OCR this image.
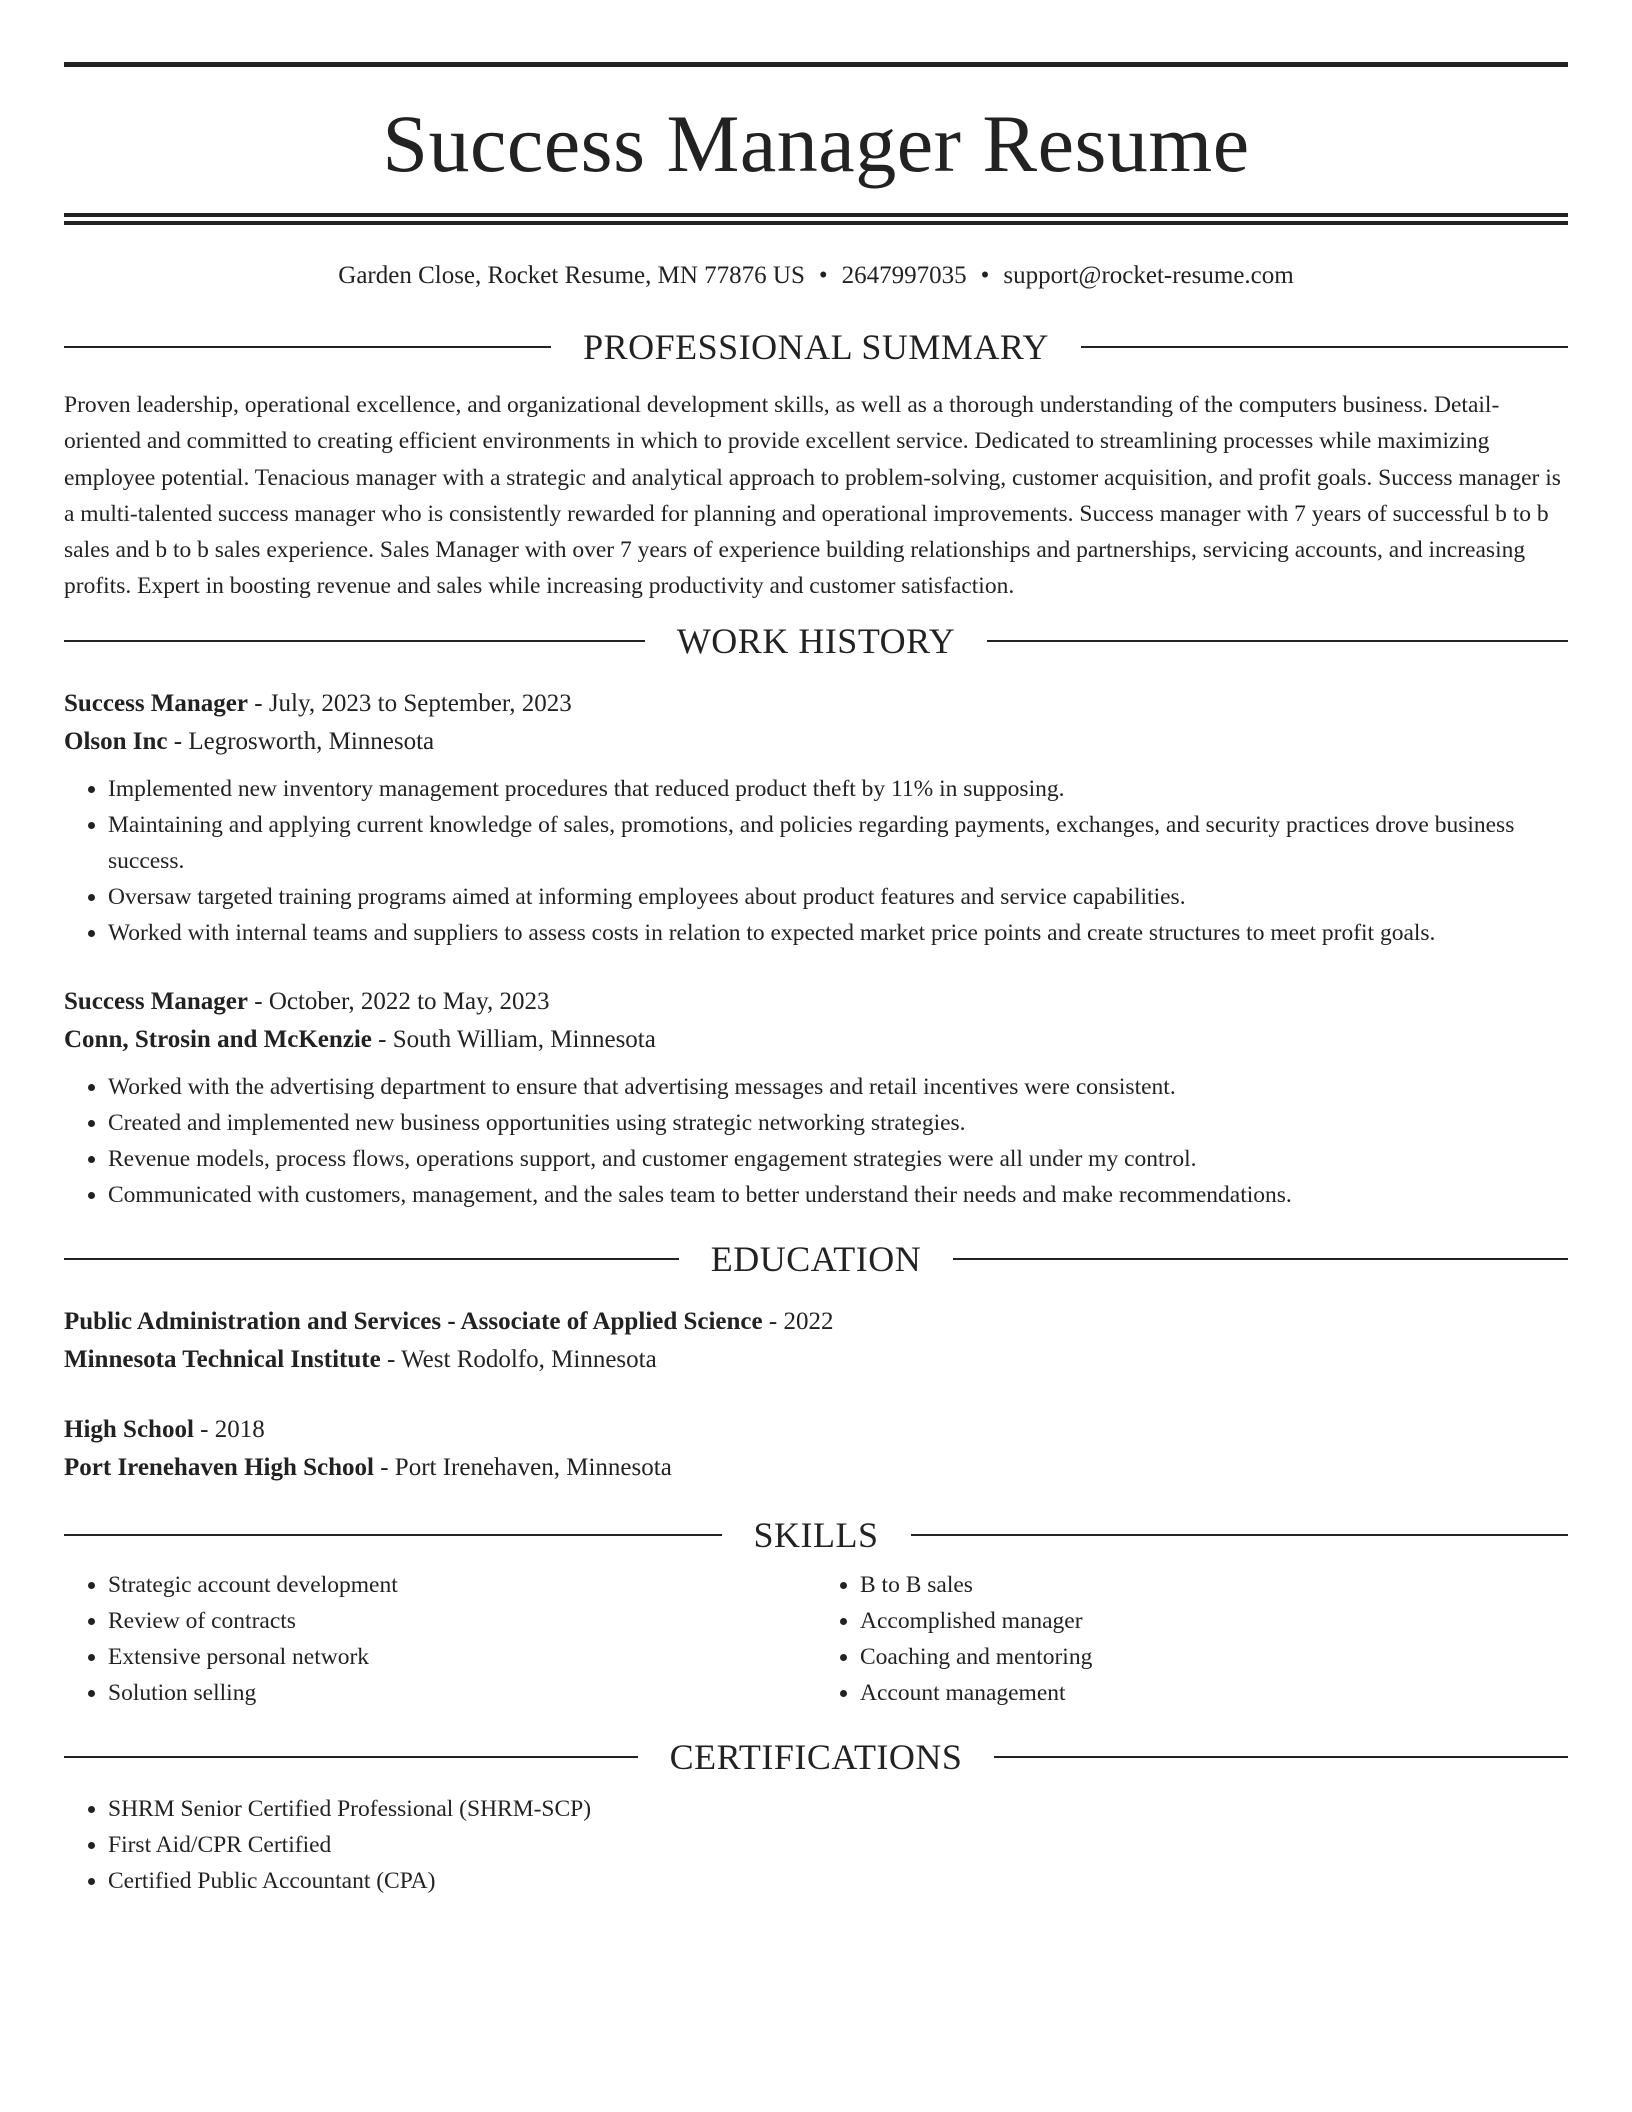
Success Manager Resume
Garden Close, Rocket Resume, MN 77876 US • 2647997035 • support@rocket-resume.com
PROFESSIONAL SUMMARY

Proven leadership, operational excellence, and organizational development skills, as well as a thorough understanding of the computers business. Detail-oriented and committed to creating efficient environments in which to provide excellent service. Dedicated to streamlining processes while maximizing employee potential. Tenacious manager with a strategic and analytical approach to problem-solving, customer acquisition, and profit goals. Success manager is a multi-talented success manager who is consistently rewarded for planning and operational improvements. Success manager with 7 years of successful b to b sales and b to b sales experience. Sales Manager with over 7 years of experience building relationships and partnerships, servicing accounts, and increasing profits. Expert in boosting revenue and sales while increasing productivity and customer satisfaction.

WORK HISTORY
Success Manager - July, 2023 to September, 2023
Olson Inc - Legrosworth, Minnesota
• Implemented new inventory management procedures that reduced product theft by 11% in supposing.
• Maintaining and applying current knowledge of sales, promotions, and policies regarding payments, exchanges, and security practices drove business success.
• Oversaw targeted training programs aimed at informing employees about product features and service capabilities.
• Worked with internal teams and suppliers to assess costs in relation to expected market price points and create structures to meet profit goals.
Success Manager - October, 2022 to May, 2023
Conn, Strosin and McKenzie - South William, Minnesota
• Worked with the advertising department to ensure that advertising messages and retail incentives were consistent.
• Created and implemented new business opportunities using strategic networking strategies.
• Revenue models, process flows, operations support, and customer engagement strategies were all under my control.
• Communicated with customers, management, and the sales team to better understand their needs and make recommendations.
EDUCATION
Public Administration and Services - Associate of Applied Science - 2022
Minnesota Technical Institute - West Rodolfo, Minnesota
High School - 2018
Port Irenehaven High School - Port Irenehaven, Minnesota
SKILLS
• Strategic account development
• Review of contracts
• Extensive personal network
• Solution selling
• B to B sales
• Accomplished manager
• Coaching and mentoring
• Account management
CERTIFICATIONS
• SHRM Senior Certified Professional (SHRM-SCP)
• First Aid/CPR Certified
• Certified Public Accountant (CPA)
